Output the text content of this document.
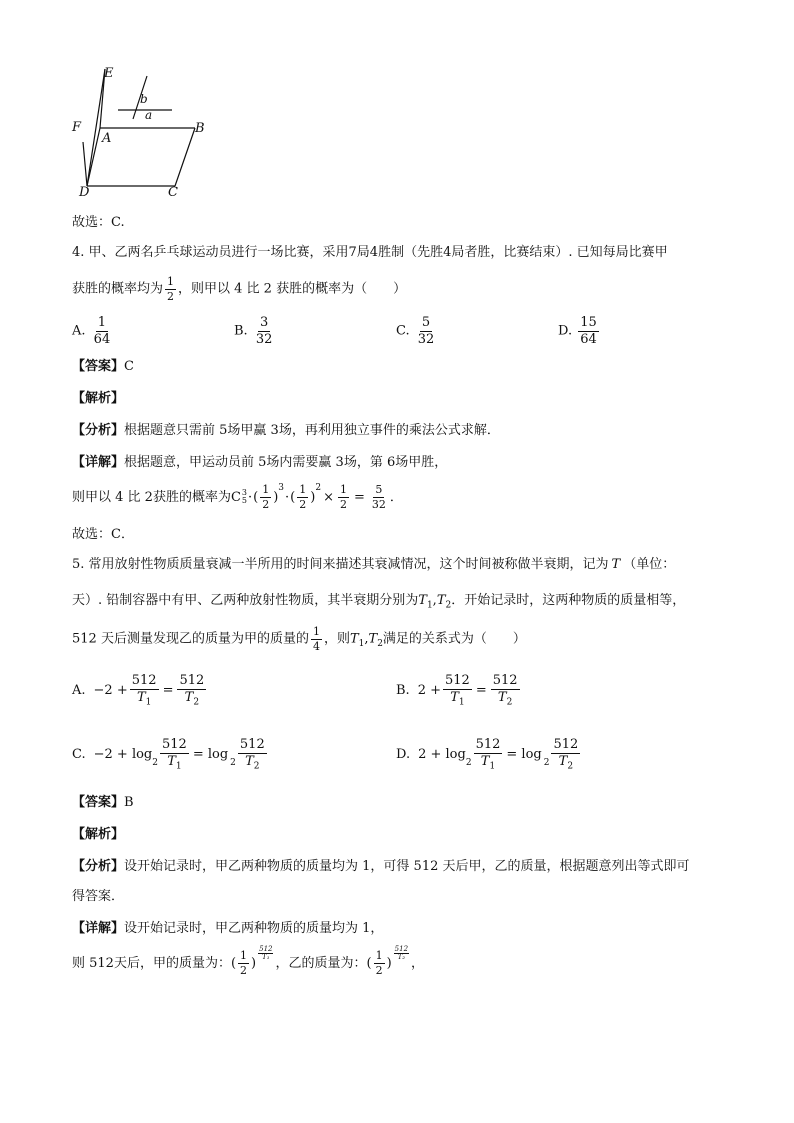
E
F
A
B
D	C
b
a
故选：C.
4. 甲、乙两名乒乓球运动员进行一场比赛，采用7局4胜制（先胜4局者胜，比赛结束）. 已知每局比赛甲
获胜的概率均为 $\frac{1}{2}$ ，则甲以 4 比 2 获胜的概率为（　　）
A. $\frac{1}{64}$	B. $\frac{3}{32}$	C. $\frac{5}{32}$	D. $\frac{15}{64}$
【答案】C
【解析】
【分析】根据题意只需前 5场甲赢 3场，再利用独立事件的乘法公式求解．
【详解】根据题意，甲运动员前 5场内需要赢 3场，第 6场甲胜，
则甲以 4 比 2获胜的概率为 C 3
5 · ( $\frac{1}{2}$ )
$^3$
· ( $\frac{1}{2}$ )
$^2$
× $\frac{1}{2} = \frac{5}{32}$ ．
故选：C．
5. 常用放射性物质质量衰减一半所用的时间来描述其衰减情况，这个时间被称做半衰期，记为 T （单位：
天）. 铅制容器中有甲、乙两种放射性物质，其半衰期分别为$T_1,T_2$．开始记录时，这两种物质的质量相等，
512 天后测量发现乙的质量为甲的质量的 $\frac{1}{4}$ ，则$T_1,T_2$满足的关系式为（　　）
A. $-2 + \frac{512}{T_1} = \frac{512}{T_2}$	B. $2 + \frac{512}{T_1} = \frac{512}{T_2}$
C. −2 + log
$_2 \frac{512}{T_1} = \log$
$_2 \frac{512}{T_2}$	D. 2 + log
$_2 \frac{512}{T_1} = \log$
$_2 \frac{512}{T_2}$
【答案】B
【解析】
【分析】设开始记录时，甲乙两种物质的质量均为 1，可得 512 天后甲，乙的质量，根据题意列出等式即可
得答案．
【详解】设开始记录时，甲乙两种物质的质量均为 1，
则 512天后，甲的质量为： ( $\frac{1}{2}$ )
$\frac{512}{\text{T₁}}$
，乙的质量为： ( $\frac{1}{2}$ )
$\frac{512}{\text{T₂}}$
，
